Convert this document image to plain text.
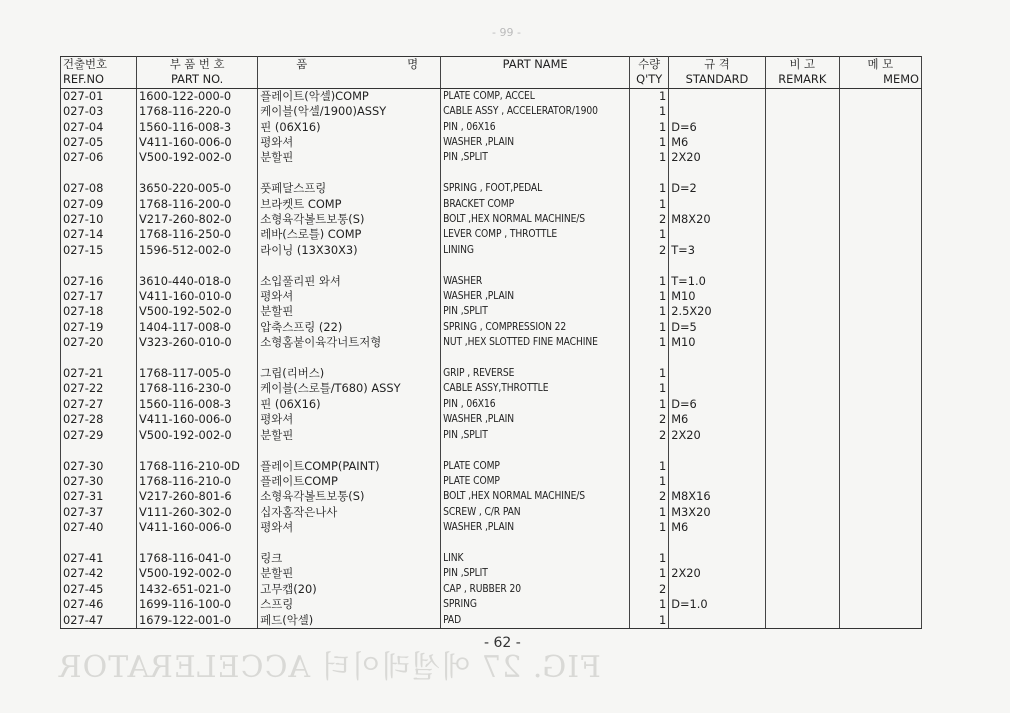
- 99 -
FIG. 27 에셀레이터 ACCELERATOR
건출번호	부 품 번 호	품 명	PART NAME	수량	규 격	비 고	메 모
REF.NO	PART NO.			Q'TY	STANDARD	REMARK	MEMO
027-01	1600-122-000-0	플레이트(악셀)COMP	PLATE COMP, ACCEL	1			
027-03	1768-116-220-0	케이블(악셀/1900)ASSY	CABLE ASSY , ACCELERATOR/1900	1			
027-04	1560-116-008-3	핀 (06X16)	PIN , 06X16	1	D=6		
027-05	V411-160-006-0	평와셔	WASHER ,PLAIN	1	M6		
027-06	V500-192-002-0	분할핀	PIN ,SPLIT	1	2X20		

027-08	3650-220-005-0	풋페달스프링	SPRING , FOOT,PEDAL	1	D=2		
027-09	1768-116-200-0	브라켓트 COMP	BRACKET COMP	1			
027-10	V217-260-802-0	소형육각볼트보통(S)	BOLT ,HEX NORMAL MACHINE/S	2	M8X20		
027-14	1768-116-250-0	레바(스로틀) COMP	LEVER COMP , THROTTLE	1			
027-15	1596-512-002-0	라이닝 (13X30X3)	LINING	2	T=3		

027-16	3610-440-018-0	소입풀리핀 와셔	WASHER	1	T=1.0		
027-17	V411-160-010-0	평와셔	WASHER ,PLAIN	1	M10		
027-18	V500-192-502-0	분할핀	PIN ,SPLIT	1	2.5X20		
027-19	1404-117-008-0	압축스프링 (22)	SPRING , COMPRESSION 22	1	D=5		
027-20	V323-260-010-0	소형홈붙이육각너트저형	NUT ,HEX SLOTTED FINE MACHINE	1	M10		

027-21	1768-117-005-0	그립(리버스)	GRIP , REVERSE	1			
027-22	1768-116-230-0	케이블(스로틀/T680) ASSY	CABLE ASSY,THROTTLE	1			
027-27	1560-116-008-3	핀 (06X16)	PIN , 06X16	1	D=6		
027-28	V411-160-006-0	평와셔	WASHER ,PLAIN	2	M6		
027-29	V500-192-002-0	분할핀	PIN ,SPLIT	2	2X20		

027-30	1768-116-210-0D	플레이트COMP(PAINT)	PLATE COMP	1			
027-30	1768-116-210-0	플레이트COMP	PLATE COMP	1			
027-31	V217-260-801-6	소형육각볼트보통(S)	BOLT ,HEX NORMAL MACHINE/S	2	M8X16		
027-37	V111-260-302-0	십자홈작은나사	SCREW , C/R PAN	1	M3X20		
027-40	V411-160-006-0	평와셔	WASHER ,PLAIN	1	M6		

027-41	1768-116-041-0	링크	LINK	1			
027-42	V500-192-002-0	분할핀	PIN ,SPLIT	1	2X20		
027-45	1432-651-021-0	고무캡(20)	CAP , RUBBER 20	2			
027-46	1699-116-100-0	스프링	SPRING	1	D=1.0		
027-47	1679-122-001-0	페드(악셀)	PAD	1			
- 62 -
